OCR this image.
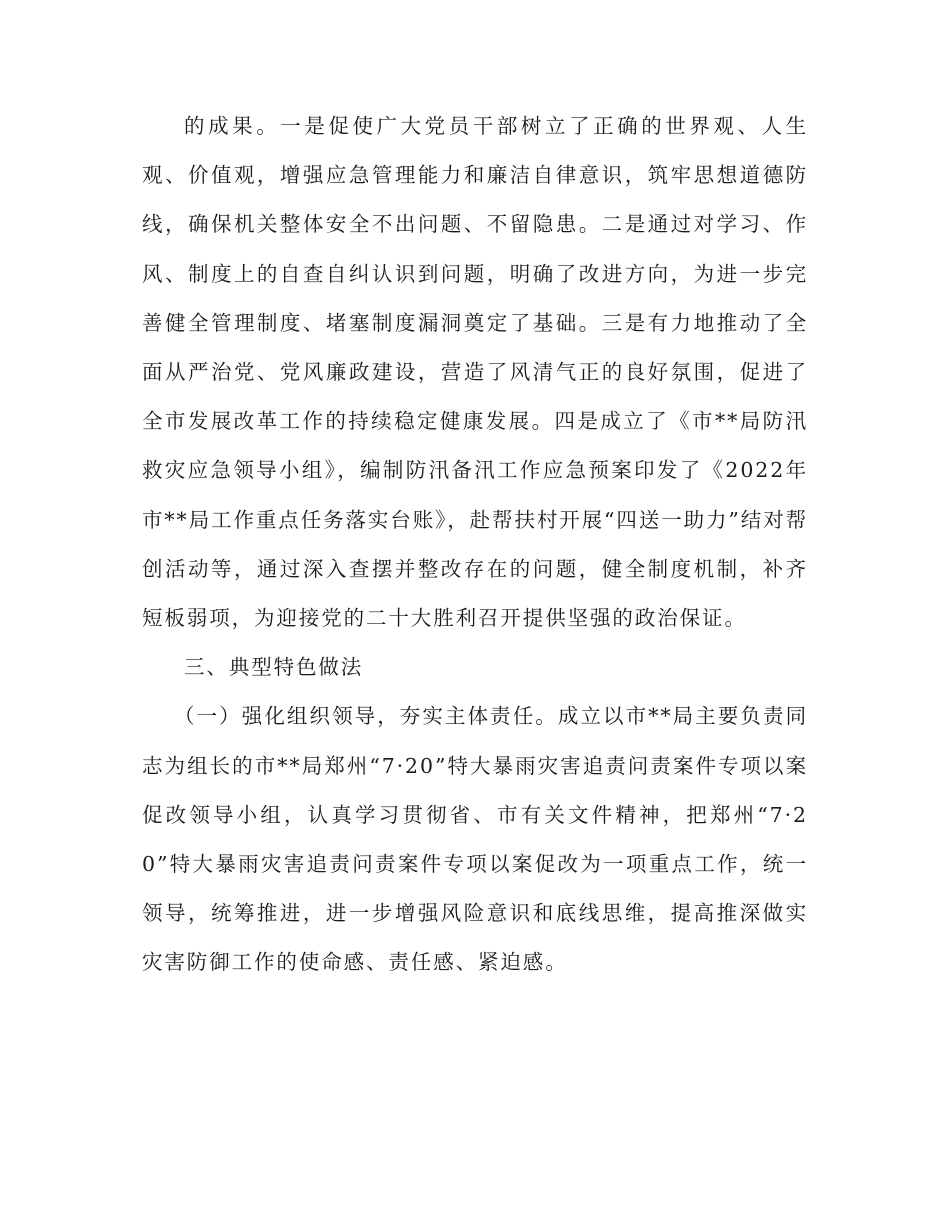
的成果。一是促使广大党员干部树立了正确的世界观、人生观、价值观，增强应急管理能力和廉洁自律意识，筑牢思想道德防线，确保机关整体安全不出问题、不留隐患。二是通过对学习、作风、制度上的自查自纠认识到问题，明确了改进方向，为进一步完善健全管理制度、堵塞制度漏洞奠定了基础。三是有力地推动了全面从严治党、党风廉政建设，营造了风清气正的良好氛围，促进了全市发展改革工作的持续稳定健康发展。四是成立了《市**局防汛救灾应急领导小组》，编制防汛备汛工作应急预案印发了《2022年市**局工作重点任务落实台账》，赴帮扶村开展“四送一助力”结对帮创活动等，通过深入查摆并整改存在的问题，健全制度机制，补齐短板弱项，为迎接党的二十大胜利召开提供坚强的政治保证。

三、典型特色做法

（一）强化组织领导，夯实主体责任。成立以市**局主要负责同志为组长的市**局郑州“7·20”特大暴雨灾害追责问责案件专项以案促改领导小组，认真学习贯彻省、市有关文件精神，把郑州“7·20”特大暴雨灾害追责问责案件专项以案促改为一项重点工作，统一领导，统筹推进，进一步增强风险意识和底线思维，提高推深做实灾害防御工作的使命感、责任感、紧迫感。
